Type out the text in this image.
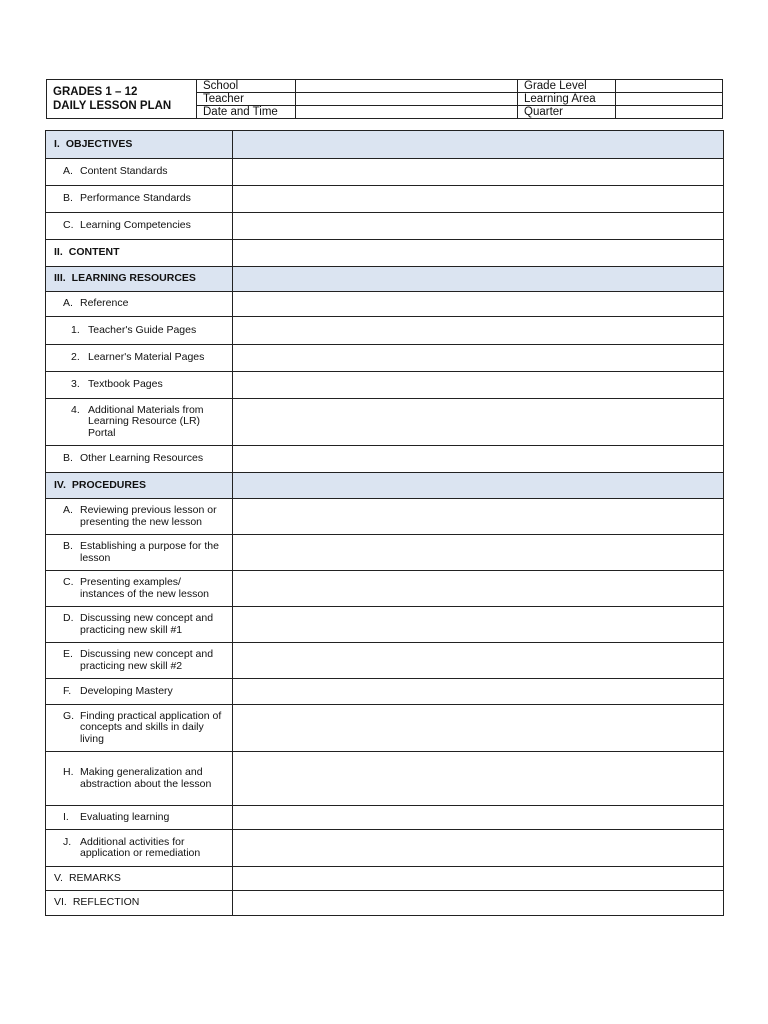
GRADES 1 – 12
DAILY LESSON PLAN	School		Grade Level	
	Teacher		Learning Area	
	Date and Time		Quarter	
I. OBJECTIVES	

A. Content Standards	

B. Performance Standards	

C. Learning Competencies	

II. CONTENT	

III. LEARNING RESOURCES	

A. Reference	

1. Teacher's Guide Pages	

2. Learner's Material Pages	

3. Textbook Pages	

4. Additional Materials from Learning Resource (LR) Portal	

B. Other Learning Resources	

IV. PROCEDURES	

A. Reviewing previous lesson or presenting the new lesson	

B. Establishing a purpose for the lesson	

C. Presenting examples/ instances of the new lesson	

D. Discussing new concept and practicing new skill #1	

E. Discussing new concept and practicing new skill #2	

F. Developing Mastery	

G. Finding practical application of concepts and skills in daily living	

H. Making generalization and abstraction about the lesson	

I. Evaluating learning	

J. Additional activities for application or remediation	

V. REMARKS	

VI. REFLECTION	
